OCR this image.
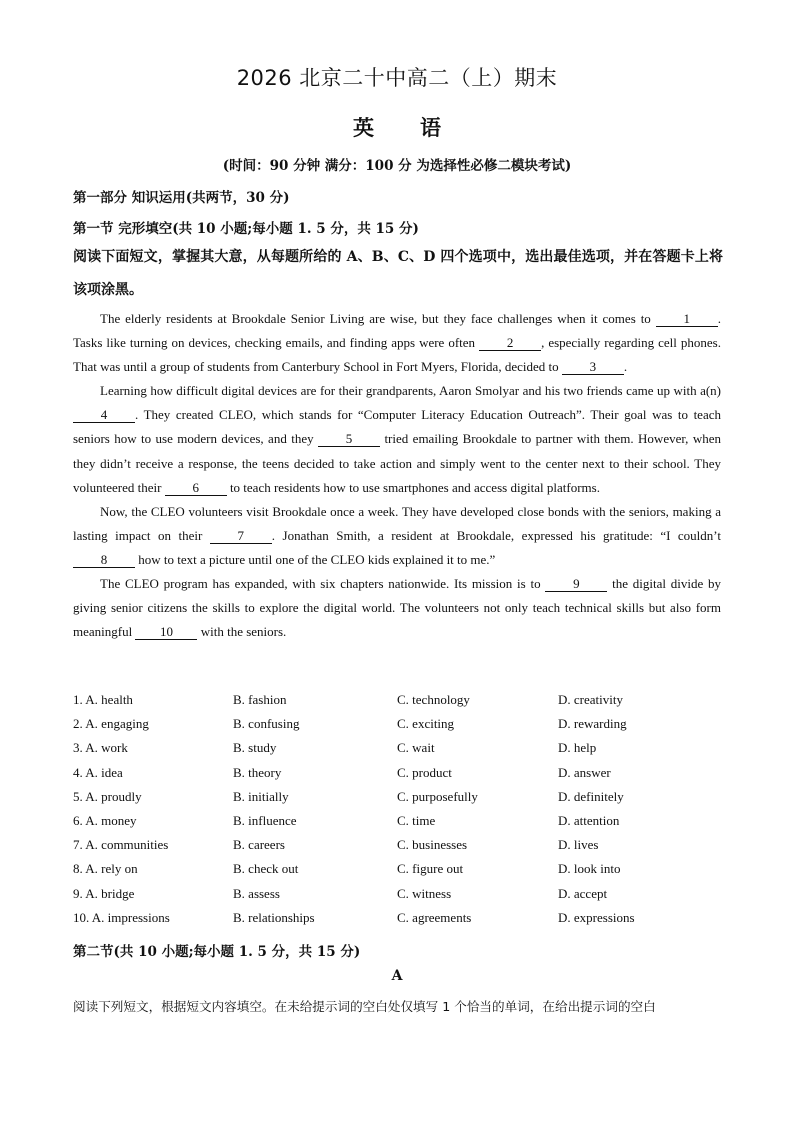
2026 北京二十中高二（上）期末
英 语
(时间：90 分钟 满分：100 分 为选择性必修二模块考试)
第一部分 知识运用(共两节，30 分)
第一节 完形填空(共 10 小题;每小题 1. 5 分，共 15 分)
阅读下面短文，掌握其大意，从每题所给的 A、B、C、D 四个选项中，选出最佳选项，并在答题卡上将该项涂黑。

The elderly residents at Brookdale Senior Living are wise, but they face challenges when it comes to 1 . Tasks like turning on devices, checking emails, and finding apps were often 2 , especially regarding cell phones. That was until a group of students from Canterbury School in Fort Myers, Florida, decided to 3 .

Learning how difficult digital devices are for their grandparents, Aaron Smolyar and his two friends came up with a(n) 4 . They created CLEO, which stands for “Computer Literacy Education Outreach”. Their goal was to teach seniors how to use modern devices, and they 5 tried emailing Brookdale to partner with them. However, when they didn’t receive a response, the teens decided to take action and simply went to the center next to their school. They volunteered their 6 to teach residents how to use smartphones and access digital platforms.

Now, the CLEO volunteers visit Brookdale once a week. They have developed close bonds with the seniors, making a lasting impact on their 7 . Jonathan Smith, a resident at Brookdale, expressed his gratitude: “I couldn’t 8 how to text a picture until one of the CLEO kids explained it to me.”

The CLEO program has expanded, with six chapters nationwide. Its mission is to 9 the digital divide by giving senior citizens the skills to explore the digital world. The volunteers not only teach technical skills but also form meaningful 10 with the seniors.

1. A. health	B. fashion	C. technology	D. creativity
2. A. engaging	B. confusing	C. exciting	D. rewarding
3. A. work	B. study	C. wait	D. help
4. A. idea	B. theory	C. product	D. answer
5. A. proudly	B. initially	C. purposefully	D. definitely
6. A. money	B. influence	C. time	D. attention
7. A. communities	B. careers	C. businesses	D. lives
8. A. rely on	B. check out	C. figure out	D. look into
9. A. bridge	B. assess	C. witness	D. accept
10. A. impressions	B. relationships	C. agreements	D. expressions
第二节(共 10 小题;每小题 1. 5 分，共 15 分)
A
阅读下列短文，根据短文内容填空。在未给提示词的空白处仅填写 1 个恰当的单词，在给出提示词的空白
